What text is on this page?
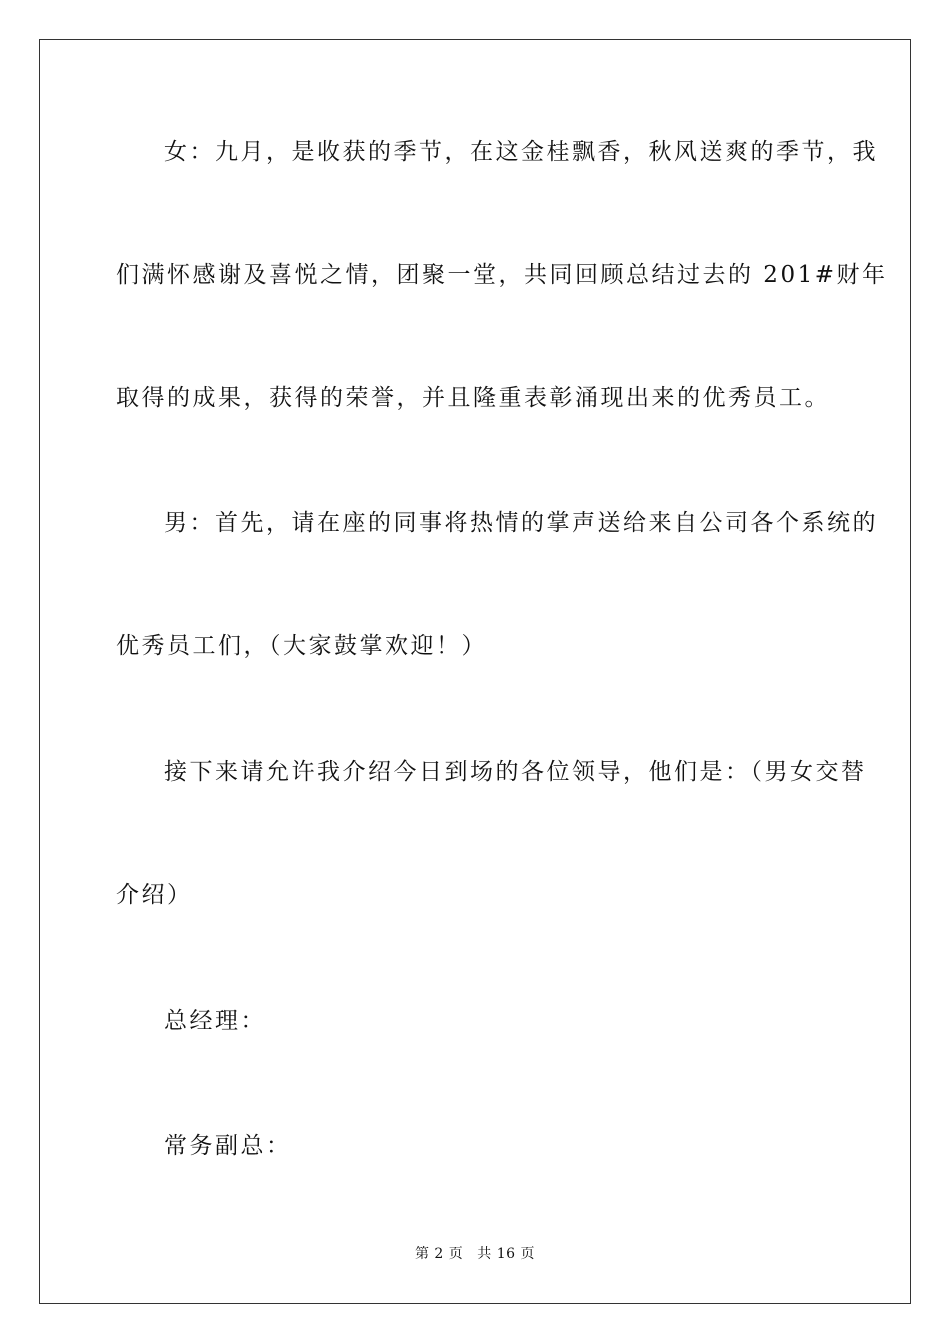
女：九月，是收获的季节，在这金桂飘香，秋风送爽的季节，我
们满怀感谢及喜悦之情，团聚一堂，共同回顾总结过去的 201#财年
取得的成果，获得的荣誉，并且隆重表彰涌现出来的优秀员工。
男：首先，请在座的同事将热情的掌声送给来自公司各个系统的
优秀员工们，（大家鼓掌欢迎！）
接下来请允许我介绍今日到场的各位领导，他们是：（男女交替
介绍）
总经理：
常务副总：
第 2 页 共 16 页
